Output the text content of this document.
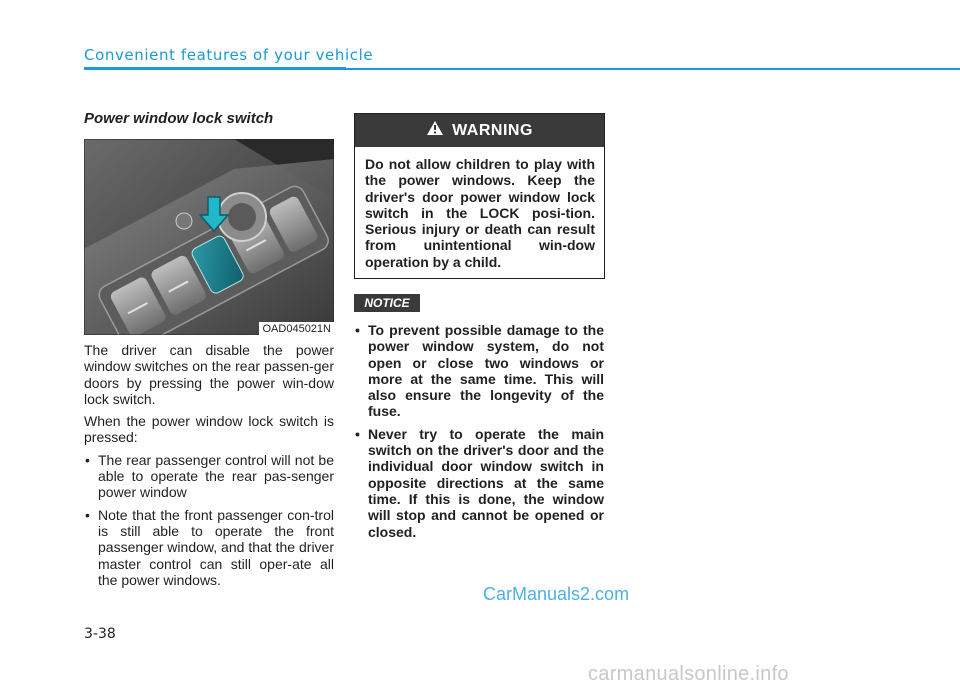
Convenient features of your vehicle
Power window lock switch
OAD045021N

The driver can disable the power window switches on the rear passen-ger doors by pressing the power win-dow lock switch.

When the power window lock switch is pressed:

• The rear passenger control will not be able to operate the rear pas-senger power window
• Note that the front passenger con-trol is still able to operate the front passenger window, and that the driver master control can still oper-ate all the power windows.
WARNING
Do not allow children to play with the power windows. Keep the driver's door power window lock switch in the LOCK posi-tion. Serious injury or death can result from unintentional win-dow operation by a child.
NOTICE
• To prevent possible damage to the power window system, do not open or close two windows or more at the same time. This will also ensure the longevity of the fuse.
• Never try to operate the main switch on the driver's door and the individual door window switch in opposite directions at the same time. If this is done, the window will stop and cannot be opened or closed.
CarManuals2.com
3-38
carmanualsonline.info
